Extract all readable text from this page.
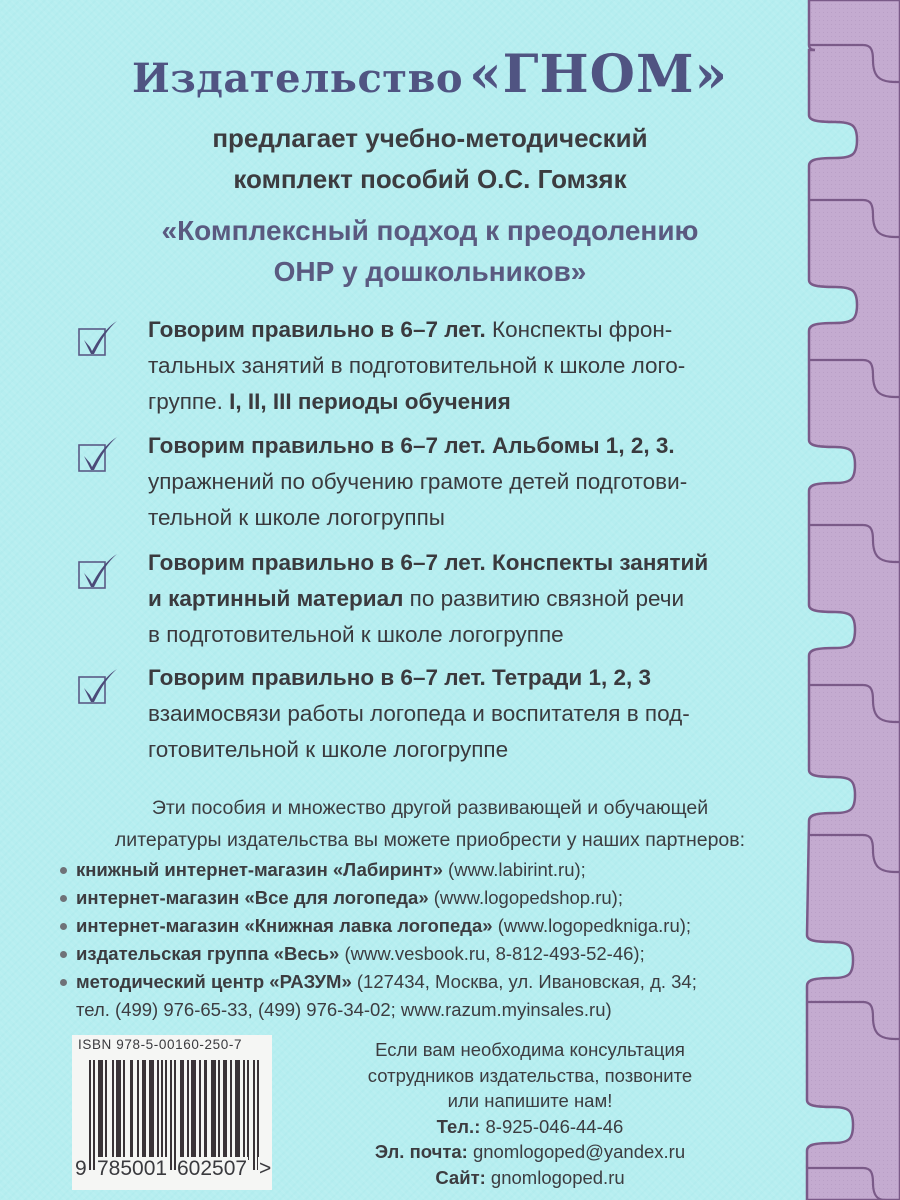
Издательство «ГНОМ»
предлагает учебно-методический
комплект пособий О.С. Гомзяк
«Комплексный подход к преодолению
ОНР у дошкольников»
Говорим правильно в 6–7 лет. Конспекты фрон-
тальных занятий в подготовительной к школе лого-
группе. I, II, III периоды обучения
Говорим правильно в 6–7 лет. Альбомы 1, 2, 3.
упражнений по обучению грамоте детей подготови-
тельной к школе логогруппы
Говорим правильно в 6–7 лет. Конспекты занятий
и картинный материал по развитию связной речи
в подготовительной к школе логогруппе
Говорим правильно в 6–7 лет. Тетради 1, 2, 3
взаимосвязи работы логопеда и воспитателя в под-
готовительной к школе логогруппе
Эти пособия и множество другой развивающей и обучающей
литературы издательства вы можете приобрести у наших партнеров:
книжный интернет-магазин «Лабиринт» (www.labirint.ru);
интернет-магазин «Все для логопеда» (www.logopedshop.ru);
интернет-магазин «Книжная лавка логопеда» (www.logopedkniga.ru);
издательская группа «Весь» (www.vesbook.ru, 8-812-493-52-46);
методический центр «РАЗУМ» (127434, Москва, ул. Ивановская, д. 34;
тел. (499) 976-65-33, (499) 976-34-02; www.razum.myinsales.ru)
ISBN 978-5-00160-250-7
9 785001 602507 >
Если вам необходима консультация
сотрудников издательства, позвоните
или напишите нам!
Тел.: 8-925-046-44-46
Эл. почта: gnomlogoped@yandex.ru
Сайт: gnomlogoped.ru
